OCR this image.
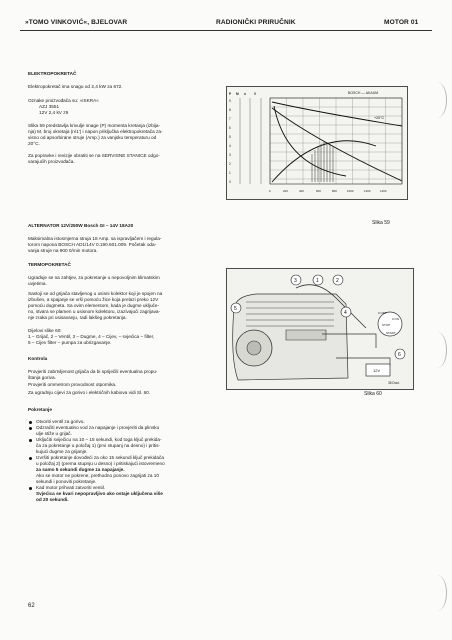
»TOMO VINKOVIĆ«, BJELOVAR	RADIONIČKI PRIRUČNIK	MOTOR 01
ELEKTROPOKRETAČ
Elektropokretač ima snagu od 2,4 kW za 672.
Oznake proizvođača su: »ISKRA«
AZJ 3551
12V 2,4 kV z9
Slika 59 predstavlja krivulje snage (P) momenta kretanja (izbija-
nja) M, broj okretaja (n/1') i napon priključka elektropokretača za-
visno od apsorbirane struje (Amp.) za vanjsku temperaturu od
20°C.
Za popravke i revizije obratiti se na SERVISNE STANICE odgo-
varajućih proizvođača.
BOSCH — AKAUM
P M n	V
9
8
7
6
5
4
3
2
1
0
+20°C
0	200	400	600	800	1000	1200	1400
Slika 59
ALTERNATOR 12V/250W Bosch GI – 14V 18A20
Maksimalna istosmjerna struja 18 Amp. sa ispravljačem i regula-
torom napona BOSCH AD1/14V 0.190.601.009. Početak oda-
vanja struje na 900 0/min motora.
TERMOPOKRETAČ
Ugrađuje se na zahtjev, za pokretanje u nepovoljnim klimatskim
uvjetima.
Sastoji se od grijača stavljenog u usisni kolektor koji je spojen na
izbušen, a spajanje se vrši pomoću žice koja prelazi preko 12V
pomoću dugmeta. Sa ovim elementom, kada je dugme uključe-
no, stvara se plamen u usisnom kolektoru, izazivajući zagrijava-
nje zraka pri usisavanju, radi lakšeg pokretanja.
Dijelovi slike 60:
1 – Grijač, 2 – Ventil, 3 – Dugme, 4 – Cijev, – svjećica – filter,
5 – Cijev filter – pumpa za ubrizgavanje.
Kontrola
Provjeriti zabrtvljenost grijača da bi spriječili eventualna propu-
štanja goriva.
Provjeriti ommetrom provodnost otpornika.
Za ugradnju cijevi za gorivo i električnih kabiova vidi Sl. 60.
Pokretanje
Otvoriti ventil za gorivo.
Odzračiti eventualno vod za napajanje i provjeriti da plinsko
ulje stiže u grijač.
Uključiti sviječicu na 10 – 15 sekundi, kod toga ključ prekida-
ča za pokretanje u položaj 1) (prvi stupanj na desno) i pritis-
kujući dugme za grijanje.
Izvršiti pokretanje dovođeći za oko 15 sekundi ključ prekidača
u položaj 2) (prema stupnju u desno) i pritiskajući istovremeno
za samo 5 sekundi dugme za napajanje.
Ako se motor ne pokrene, prethodno ponovo zagrijati za 10
sekundi i ponoviti pokretanje.
Kad motor prihvati zatvoriti ventil.
Svjećica se kvari nepopravljivo ako ostaje uključena više
od 20 sekundi.
0 OFF
STOP
0 ON
START
12V
3	1	2
5
6
4
38 Dwd.
Slika 60
62
